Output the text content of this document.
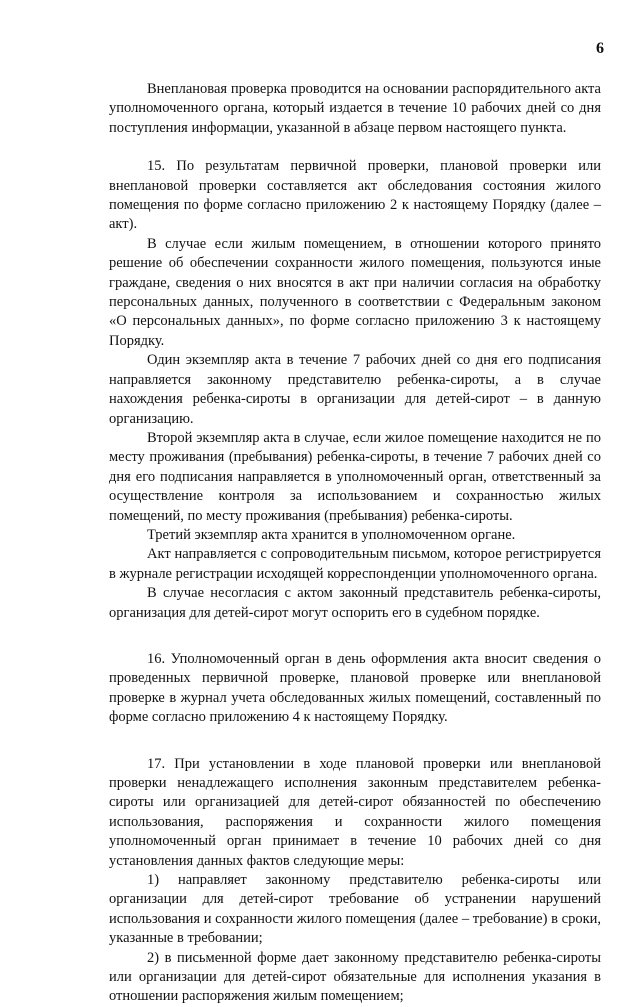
6

Внеплановая проверка проводится на основании распорядительного акта уполномоченного органа, который издается в течение 10 рабочих дней со дня поступления информации, указанной в абзаце первом настоящего пункта.

15. По результатам первичной проверки, плановой проверки или внеплановой проверки составляется акт обследования состояния жилого помещения по форме согласно приложению 2 к настоящему Порядку (далее – акт).

В случае если жилым помещением, в отношении которого принято решение об обеспечении сохранности жилого помещения, пользуются иные граждане, сведения о них вносятся в акт при наличии согласия на обработку персональных данных, полученного в соответствии с Федеральным законом «О персональных данных», по форме согласно приложению 3 к настоящему Порядку.

Один экземпляр акта в течение 7 рабочих дней со дня его подписания направляется законному представителю ребенка-сироты, а в случае нахождения ребенка-сироты в организации для детей-сирот – в данную организацию.

Второй экземпляр акта в случае, если жилое помещение находится не по месту проживания (пребывания) ребенка-сироты, в течение 7 рабочих дней со дня его подписания направляется в уполномоченный орган, ответственный за осуществление контроля за использованием и сохранностью жилых помещений, по месту проживания (пребывания) ребенка-сироты.

Третий экземпляр акта хранится в уполномоченном органе.

Акт направляется с сопроводительным письмом, которое регистрируется в журнале регистрации исходящей корреспонденции уполномоченного органа.

В случае несогласия с актом законный представитель ребенка-сироты, организация для детей-сирот могут оспорить его в судебном порядке.

16. Уполномоченный орган в день оформления акта вносит сведения о проведенных первичной проверке, плановой проверке или внеплановой проверке в журнал учета обследованных жилых помещений, составленный по форме согласно приложению 4 к настоящему Порядку.

17. При установлении в ходе плановой проверки или внеплановой проверки ненадлежащего исполнения законным представителем ребенка-сироты или организацией для детей-сирот обязанностей по обеспечению использования, распоряжения и сохранности жилого помещения уполномоченный орган принимает в течение 10 рабочих дней со дня установления данных фактов следующие меры:

1) направляет законному представителю ребенка-сироты или организации для детей-сирот требование об устранении нарушений использования и сохранности жилого помещения (далее – требование) в сроки, указанные в требовании;

2) в письменной форме дает законному представителю ребенка-сироты или организации для детей-сирот обязательные для исполнения указания в отношении распоряжения жилым помещением;
